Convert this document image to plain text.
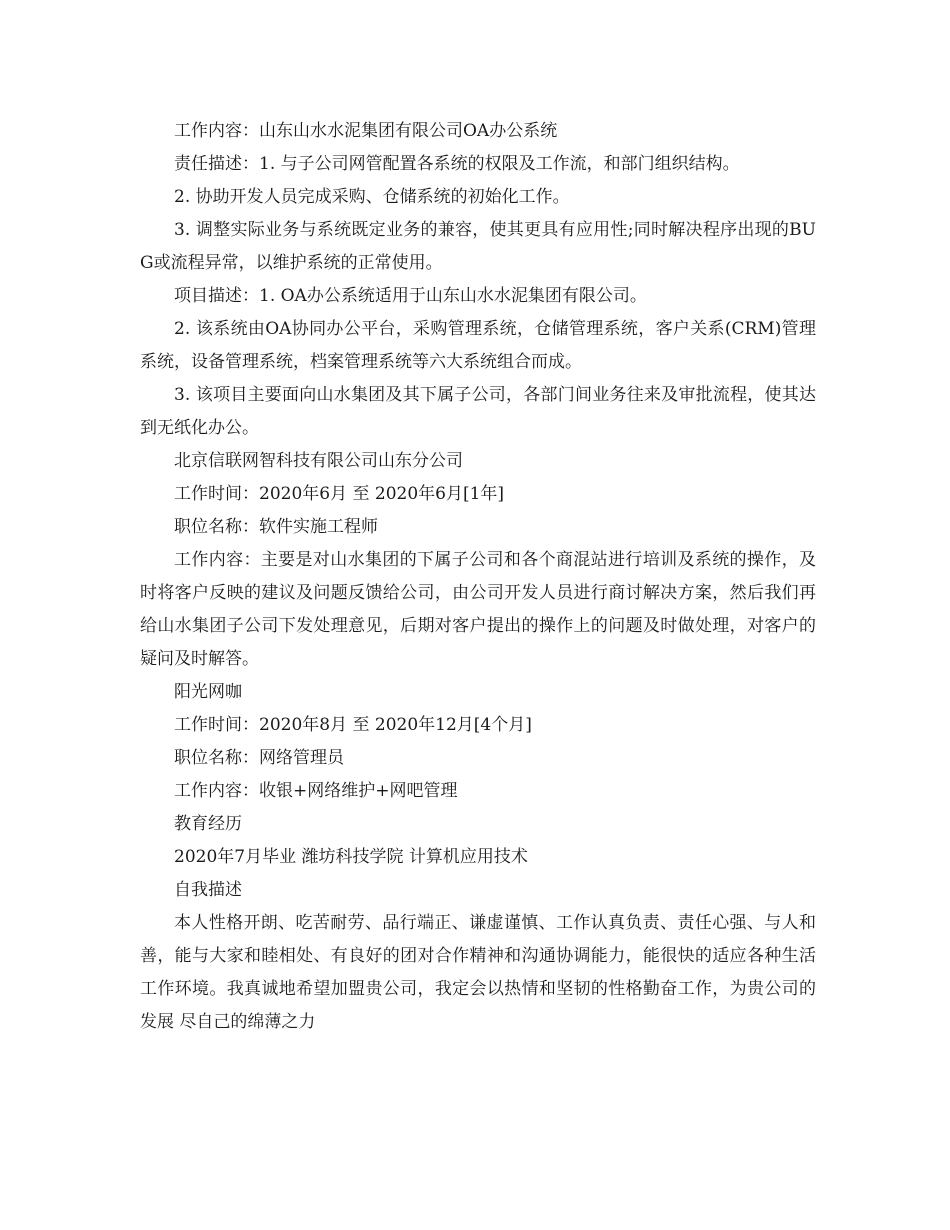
工作内容：山东山水水泥集团有限公司OA办公系统

责任描述：1. 与子公司网管配置各系统的权限及工作流，和部门组织结构。

2. 协助开发人员完成采购、仓储系统的初始化工作。

3. 调整实际业务与系统既定业务的兼容，使其更具有应用性;同时解决程序出现的BUG或流程异常，以维护系统的正常使用。

项目描述：1. OA办公系统适用于山东山水水泥集团有限公司。

2. 该系统由OA协同办公平台，采购管理系统，仓储管理系统，客户关系(CRM)管理系统，设备管理系统，档案管理系统等六大系统组合而成。

3. 该项目主要面向山水集团及其下属子公司，各部门间业务往来及审批流程，使其达到无纸化办公。

北京信联网智科技有限公司山东分公司

工作时间：2020年6月 至 2020年6月[1年]

职位名称：软件实施工程师

工作内容：主要是对山水集团的下属子公司和各个商混站进行培训及系统的操作，及时将客户反映的建议及问题反馈给公司，由公司开发人员进行商讨解决方案，然后我们再给山水集团子公司下发处理意见，后期对客户提出的操作上的问题及时做处理，对客户的疑问及时解答。

阳光网咖

工作时间：2020年8月 至 2020年12月[4个月]

职位名称：网络管理员

工作内容：收银+网络维护+网吧管理

教育经历

2020年7月毕业 潍坊科技学院 计算机应用技术

自我描述

本人性格开朗、吃苦耐劳、品行端正、谦虚谨慎、工作认真负责、责任心强、与人和善，能与大家和睦相处、有良好的团对合作精神和沟通协调能力，能很快的适应各种生活工作环境。我真诚地希望加盟贵公司，我定会以热情和坚韧的性格勤奋工作，为贵公司的发展 尽自己的绵薄之力
